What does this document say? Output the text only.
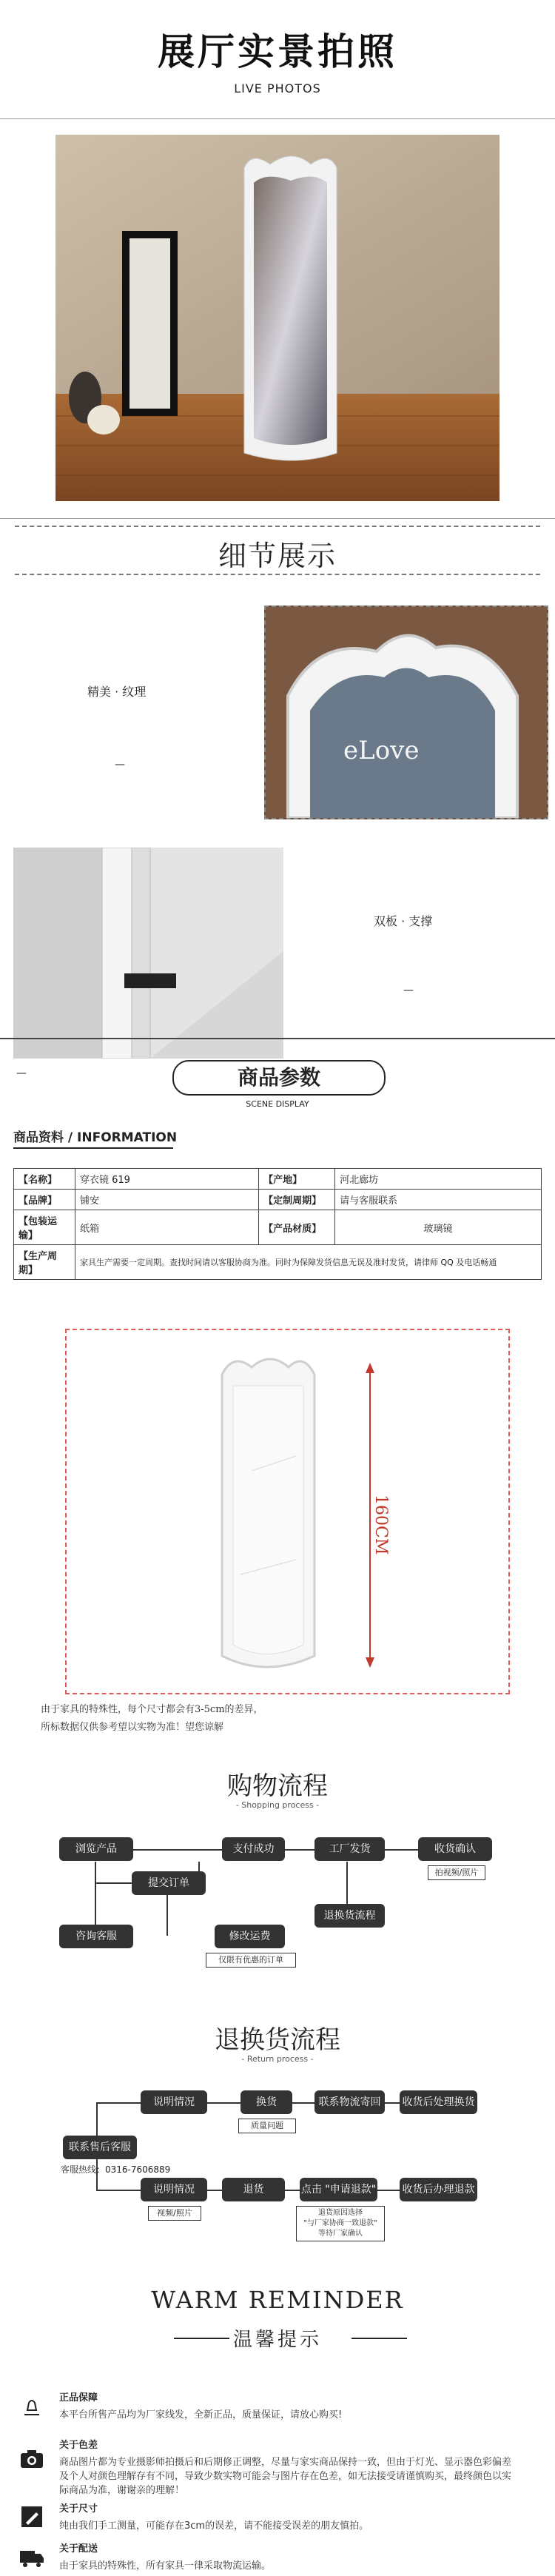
展厅实景拍照
LIVE PHOTOS
细节展示
精美 · 纹理
—	eLove
双板 · 支撑
—
—	商品参数
SCENE DISPLAY
商品资料 / INFORMATION
【名称】	穿衣镜 619	【产地】	河北廊坊
【品牌】	铺安	【定制周期】	请与客服联系
【包装运输】	纸箱	【产品材质】	玻璃镜
【生产周期】	家具生产需要一定周期。查找时间请以客服协商为准。同时为保障发货信息无误及准时发货，请律师 QQ 及电话畅通		
160CM
由于家具的特殊性，每个尺寸都会有3-5cm的差异，
所标数据仅供参考望以实物为准！望您谅解
购物流程
- Shopping process -
浏览产品
提交订单
支付成功	工厂发货	收货确认
拍视频/照片
咨询客服	修改运费
仅限有优惠的订单
退换货流程
退换货流程
- Return process -
说明情况	换货
质量问题
联系物流寄回	收货后处理换货
联系售后客服
客服热线：0316-7606889
说明情况
视频/照片
退货	点击 "申请退款"
退货原因选择
"与厂家协商一致退款"
等待厂家确认
收货后办理退款
WARM REMINDER
温馨提示
正品保障
本平台所售产品均为厂家线发，全新正品，质量保证，请放心购买!
关于色差
商品图片都为专业摄影师拍摄后和后期修正调整，尽量与家实商品保持一致，但由于灯光、显示器色彩偏差及个人对颜色理解存有不同，导致少数实物可能会与图片存在色差，如无法接受请谨慎购买，最终颜色以实际商品为准，谢谢亲的理解！
关于尺寸
纯由我们手工测量，可能存在3cm的误差，请不能接受误差的朋友慎拍。
关于配送
由于家具的特殊性，所有家具一律采取物流运输。
